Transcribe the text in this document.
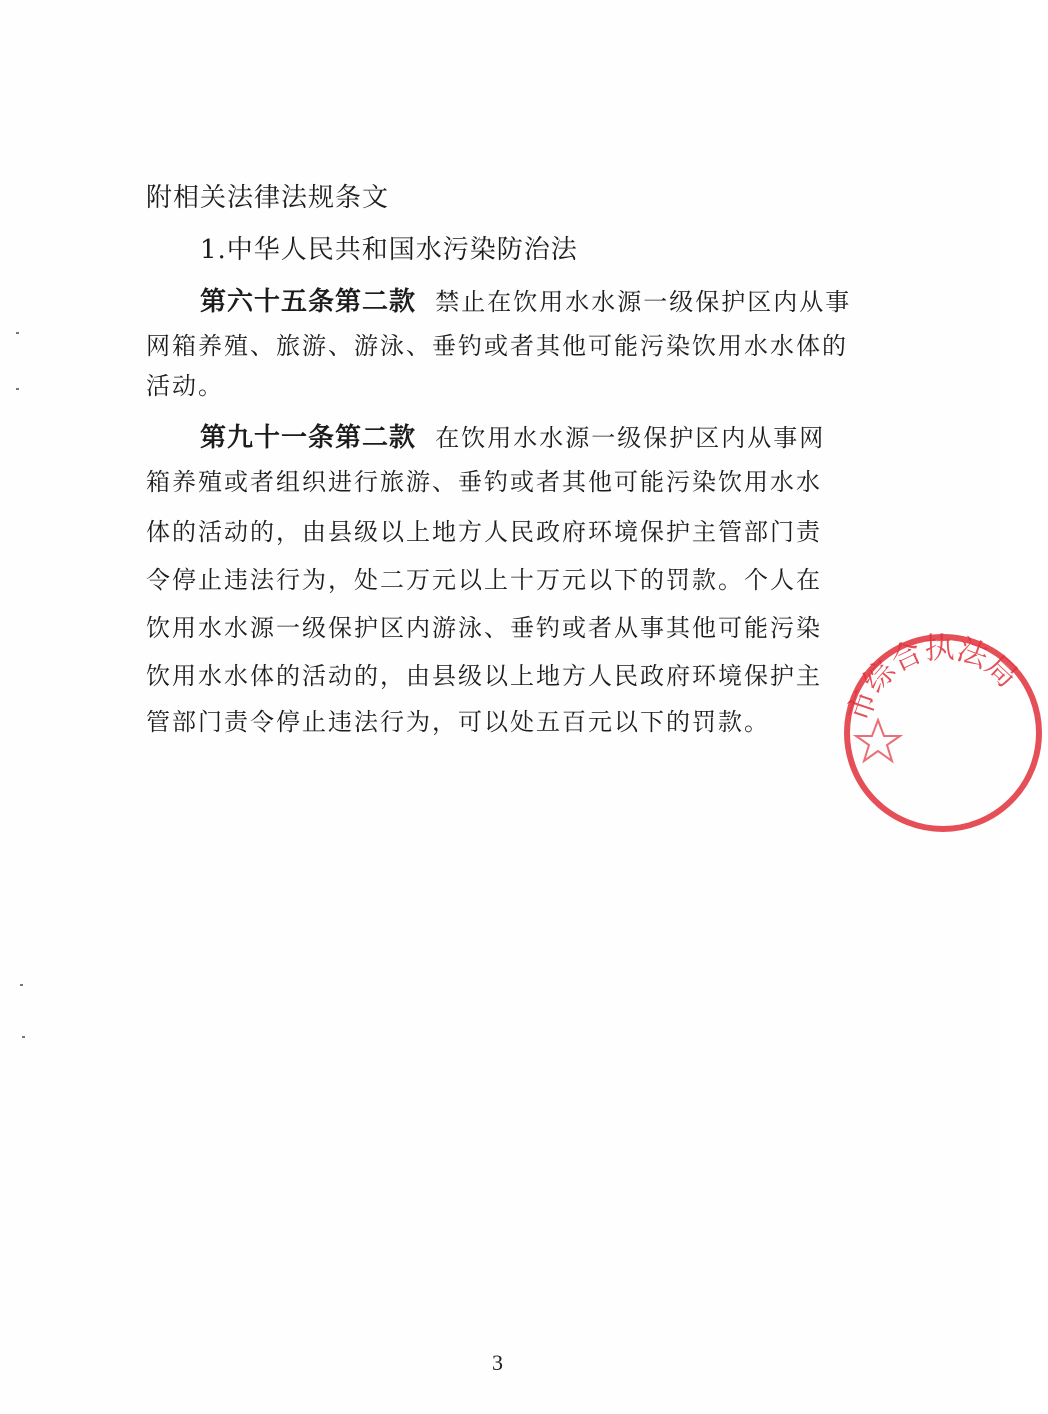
附相关法律法规条文
1.中华人民共和国水污染防治法
第六十五条第二款 禁止在饮用水水源一级保护区内从事
网箱养殖、旅游、游泳、垂钓或者其他可能污染饮用水水体的
活动。
第九十一条第二款 在饮用水水源一级保护区内从事网
箱养殖或者组织进行旅游、垂钓或者其他可能污染饮用水水
体的活动的，由县级以上地方人民政府环境保护主管部门责
令停止违法行为，处二万元以上十万元以下的罚款。个人在
饮用水水源一级保护区内游泳、垂钓或者从事其他可能污染
饮用水水体的活动的，由县级以上地方人民政府环境保护主
管部门责令停止违法行为，可以处五百元以下的罚款。 市综合执法局
3
